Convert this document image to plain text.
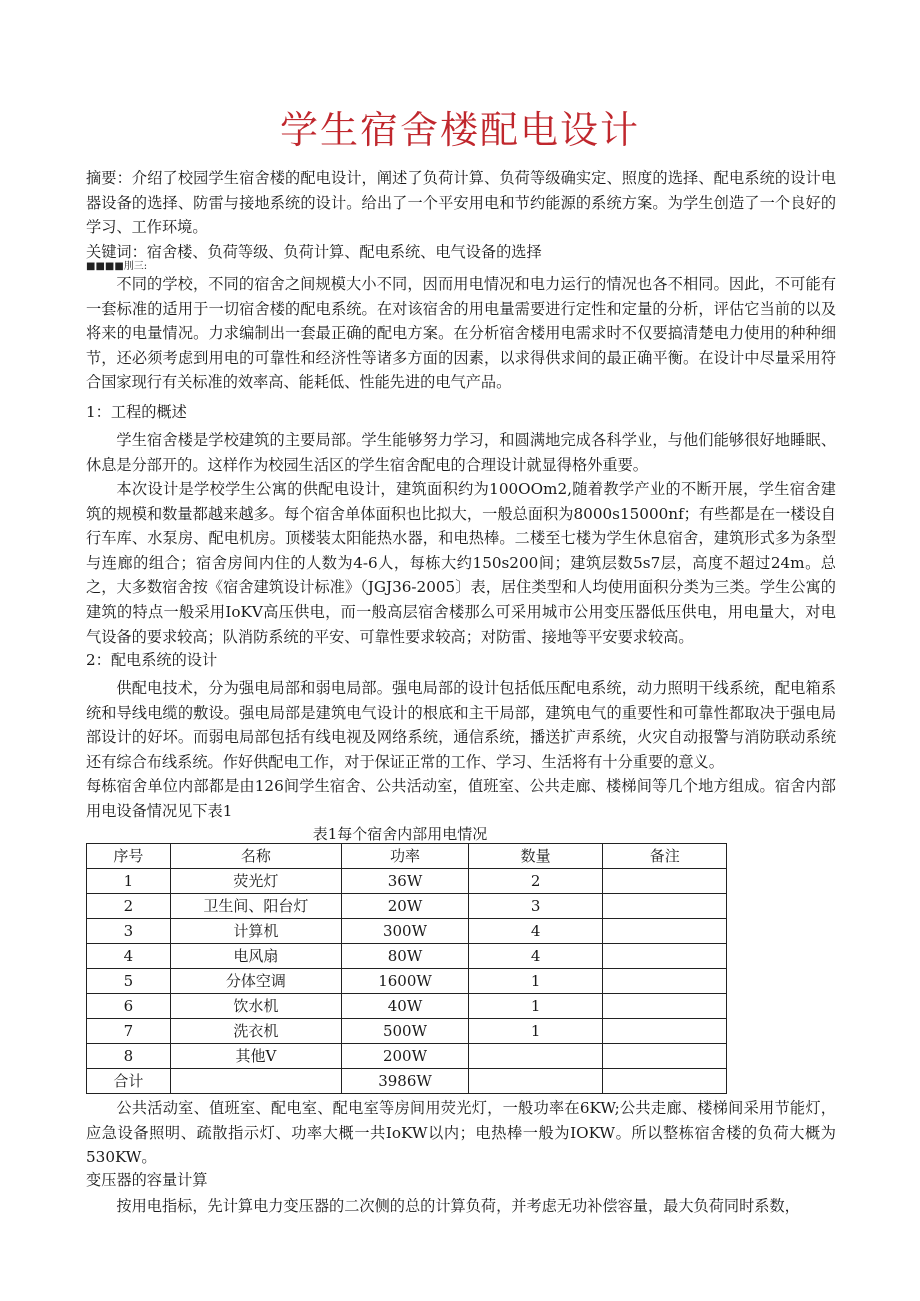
学生宿舍楼配电设计
摘要：介绍了校园学生宿舍楼的配电设计，阐述了负荷计算、负荷等级确实定、照度的选择、配电系统的设计电器设备的选择、防雷与接地系统的设计。给出了一个平安用电和节约能源的系统方案。为学生创造了一个良好的学习、工作环境。
关键词：宿舍楼、负荷等级、负荷计算、配电系统、电气设备的选择
■■■■刖三:
不同的学校，不同的宿舍之间规模大小不同，因而用电情况和电力运行的情况也各不相同。因此，不可能有一套标准的适用于一切宿舍楼的配电系统。在对该宿舍的用电量需要进行定性和定量的分析，评估它当前的以及将来的电量情况。力求编制出一套最正确的配电方案。在分析宿舍楼用电需求时不仅要搞清楚电力使用的种种细节，还必须考虑到用电的可靠性和经济性等诸多方面的因素，以求得供求间的最正确平衡。在设计中尽量采用符合国家现行有关标准的效率高、能耗低、性能先进的电气产品。
1：工程的概述
学生宿舍楼是学校建筑的主要局部。学生能够努力学习，和圆满地完成各科学业，与他们能够很好地睡眠、休息是分部开的。这样作为校园生活区的学生宿舍配电的合理设计就显得格外重要。
本次设计是学校学生公寓的供配电设计，建筑面积约为100OOm2,随着教学产业的不断开展，学生宿舍建筑的规模和数量都越来越多。每个宿舍单体面积也比拟大，一般总面积为8000s15000nf；有些都是在一楼设自行车库、水泵房、配电机房。顶楼装太阳能热水器，和电热棒。二楼至七楼为学生休息宿舍，建筑形式多为条型与连廊的组合；宿舍房间内住的人数为4-6人，每栋大约150s200间；建筑层数5s7层，高度不超过24m。总之，大多数宿舍按《宿舍建筑设计标准》（JGJ36-2005〕表，居住类型和人均使用面积分类为三类。学生公寓的建筑的特点一般采用IoKV高压供电，而一般高层宿舍楼那么可采用城市公用变压器低压供电，用电量大，对电气设备的要求较高；队消防系统的平安、可靠性要求较高；对防雷、接地等平安要求较高。
2：配电系统的设计
供配电技术，分为强电局部和弱电局部。强电局部的设计包括低压配电系统，动力照明干线系统，配电箱系统和导线电缆的敷设。强电局部是建筑电气设计的根底和主干局部，建筑电气的重要性和可靠性都取决于强电局部设计的好坏。而弱电局部包括有线电视及网络系统，通信系统，播送扩声系统，火灾自动报警与消防联动系统还有综合布线系统。作好供配电工作，对于保证正常的工作、学习、生活将有十分重要的意义。
每栋宿舍单位内部都是由126间学生宿舍、公共活动室，值班室、公共走廊、楼梯间等几个地方组成。宿舍内部用电设备情况见下表1
表1每个宿舍内部用电情况
序号	名称	功率	数量	备注
1	荧光灯	36W	2	
2	卫生间、阳台灯	20W	3	
3	计算机	300W	4	
4	电风扇	80W	4	
5	分体空调	1600W	1	
6	饮水机	40W	1	
7	洗衣机	500W	1	
8	其他V	200W		
合计		3986W		
公共活动室、值班室、配电室、配电室等房间用荧光灯，一般功率在6KW;公共走廊、楼梯间采用节能灯，应急设备照明、疏散指示灯、功率大概一共IoKW以内；电热棒一般为IOKW。所以整栋宿舍楼的负荷大概为530KW。
变压器的容量计算
按用电指标，先计算电力变压器的二次侧的总的计算负荷，并考虑无功补偿容量，最大负荷同时系数，
